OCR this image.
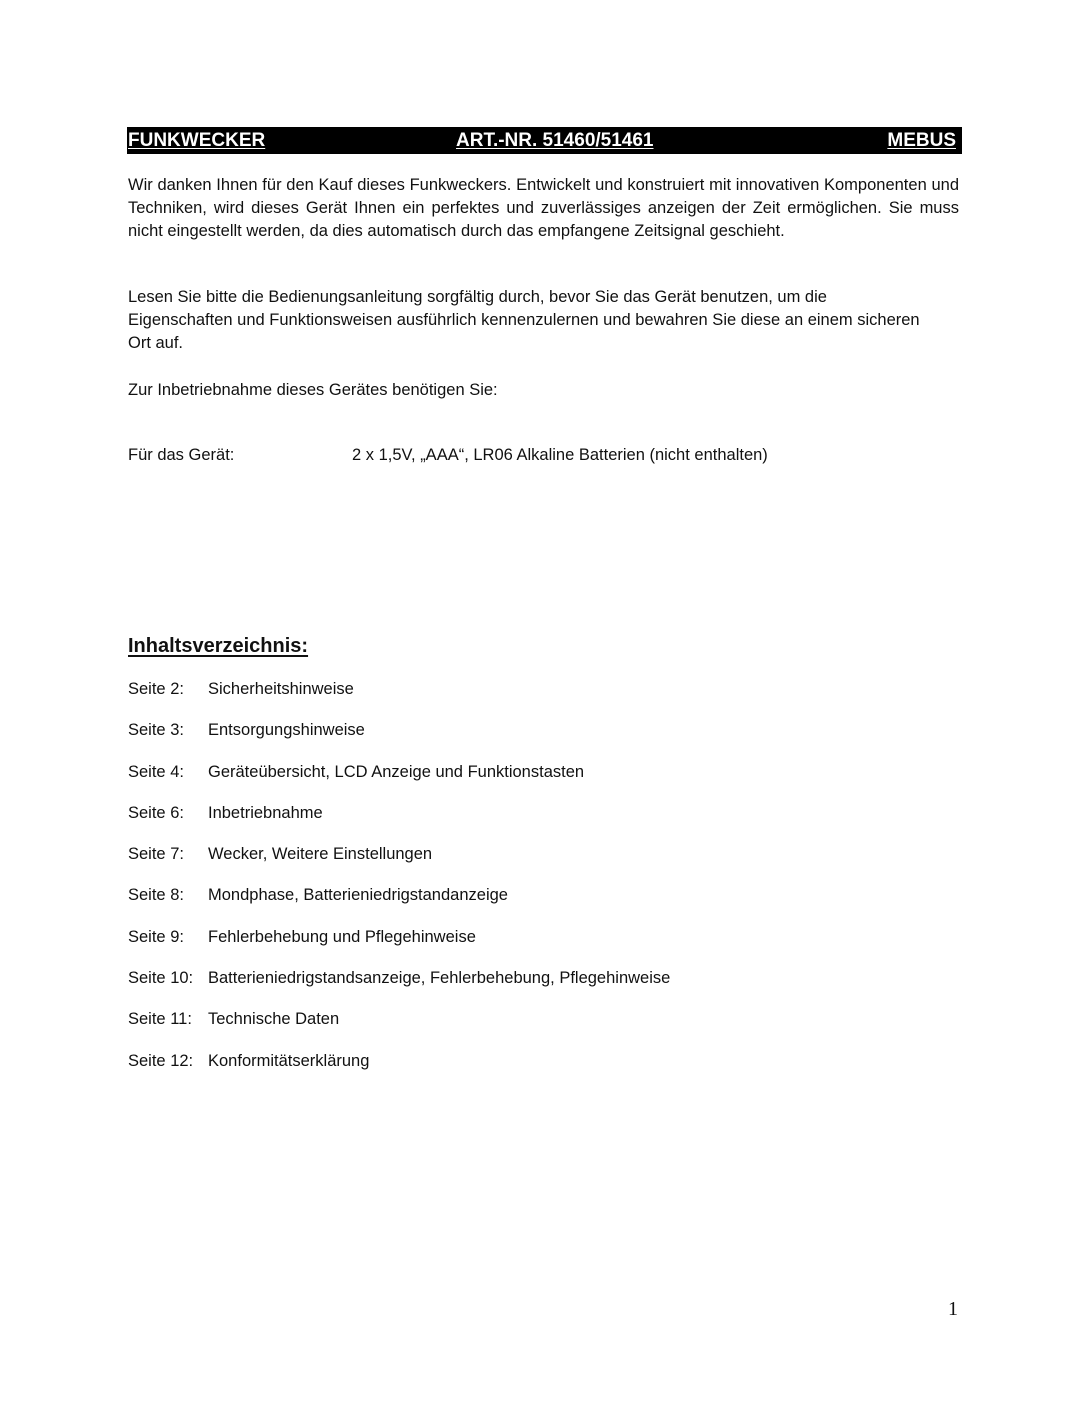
FUNKWECKER	ART.-NR. 51460/51461	MEBUS

Wir danken Ihnen für den Kauf dieses Funkweckers. Entwickelt und konstruiert mit innovativen Komponenten und Techniken, wird dieses Gerät Ihnen ein perfektes und zuverlässiges anzeigen der Zeit ermöglichen. Sie muss nicht eingestellt werden, da dies automatisch durch das empfangene Zeitsignal geschieht.

Lesen Sie bitte die Bedienungsanleitung sorgfältig durch, bevor Sie das Gerät benutzen, um die Eigenschaften und Funktionsweisen ausführlich kennenzulernen und bewahren Sie diese an einem sicheren Ort auf.

Zur Inbetriebnahme dieses Gerätes benötigen Sie:

Für das Gerät:	2 x 1,5V, „AAA“, LR06 Alkaline Batterien (nicht enthalten)
Inhaltsverzeichnis:
Seite 2: Sicherheitshinweise
Seite 3: Entsorgungshinweise
Seite 4: Geräteübersicht, LCD Anzeige und Funktionstasten
Seite 6: Inbetriebnahme
Seite 7: Wecker, Weitere Einstellungen
Seite 8: Mondphase, Batterieniedrigstandanzeige
Seite 9: Fehlerbehebung und Pflegehinweise
Seite 10: Batterieniedrigstandsanzeige, Fehlerbehebung, Pflegehinweise
Seite 11: Technische Daten
Seite 12: Konformitätserklärung
1
